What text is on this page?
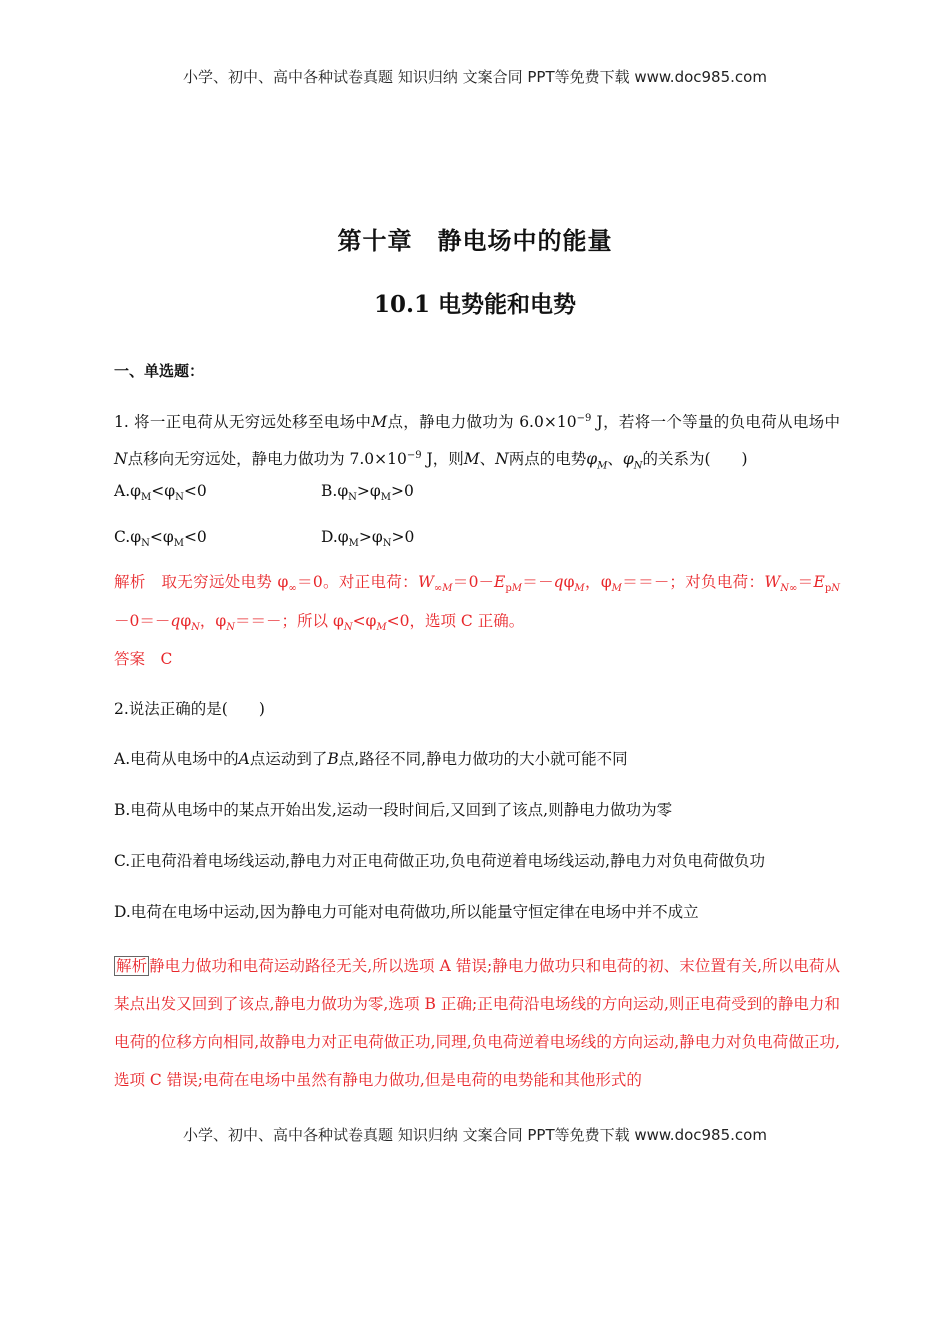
小学、初中、高中各种试卷真题 知识归纳 文案合同 PPT等免费下载 www.doc985.com
第十章　静电场中的能量
10.1 电势能和电势
一、单选题：
1. 将一正电荷从无穷远处移至电场中M点，静电力做功为 $6.0\times 10^{-9}$ J，若将一个等量的负电荷从电场中N点移向无穷远处，静电力做功为 $7.0\times 10^{-9}$ J，则M、N两点的电势$\varphi_M$、$\varphi_N$的关系为(　　)
$A.\varphi_M<\varphi_N<0$	$B.\varphi_N>\varphi_M>0$
$C.\varphi_N<\varphi_M<0$	$D.\varphi_M>\varphi_N>0$
解析　 取无穷远处电势 $\varphi_\infty=0$。对正电荷：$W_{\infty M}=0-E_{pM}=-q\varphi_M$，$\varphi_M==-$；对负电荷：$W_{N\infty}=E_{pN}-0=-q\varphi_N$，$\varphi_N==-$；所以 $\varphi_N<\varphi_M<0$，选项 C 正确。
答案　 C
2.说法正确的是(　　)
A.电荷从电场中的A点运动到了B点,路径不同,静电力做功的大小就可能不同
B.电荷从电场中的某点开始出发,运动一段时间后,又回到了该点,则静电力做功为零
C.正电荷沿着电场线运动,静电力对正电荷做正功,负电荷逆着电场线运动,静电力对负电荷做负功
D.电荷在电场中运动,因为静电力可能对电荷做功,所以能量守恒定律在电场中并不成立
解析 静电力做功和电荷运动路径无关,所以选项 A 错误;静电力做功只和电荷的初、末位置有关,所以电荷从某点出发又回到了该点,静电力做功为零,选项 B 正确;正电荷沿电场线的方向运动,则正电荷受到的静电力和电荷的位移方向相同,故静电力对正电荷做正功,同理,负电荷逆着电场线的方向运动,静电力对负电荷做正功,选项 C 错误;电荷在电场中虽然有静电力做功,但是电荷的电势能和其他形式的
小学、初中、高中各种试卷真题 知识归纳 文案合同 PPT等免费下载 www.doc985.com
